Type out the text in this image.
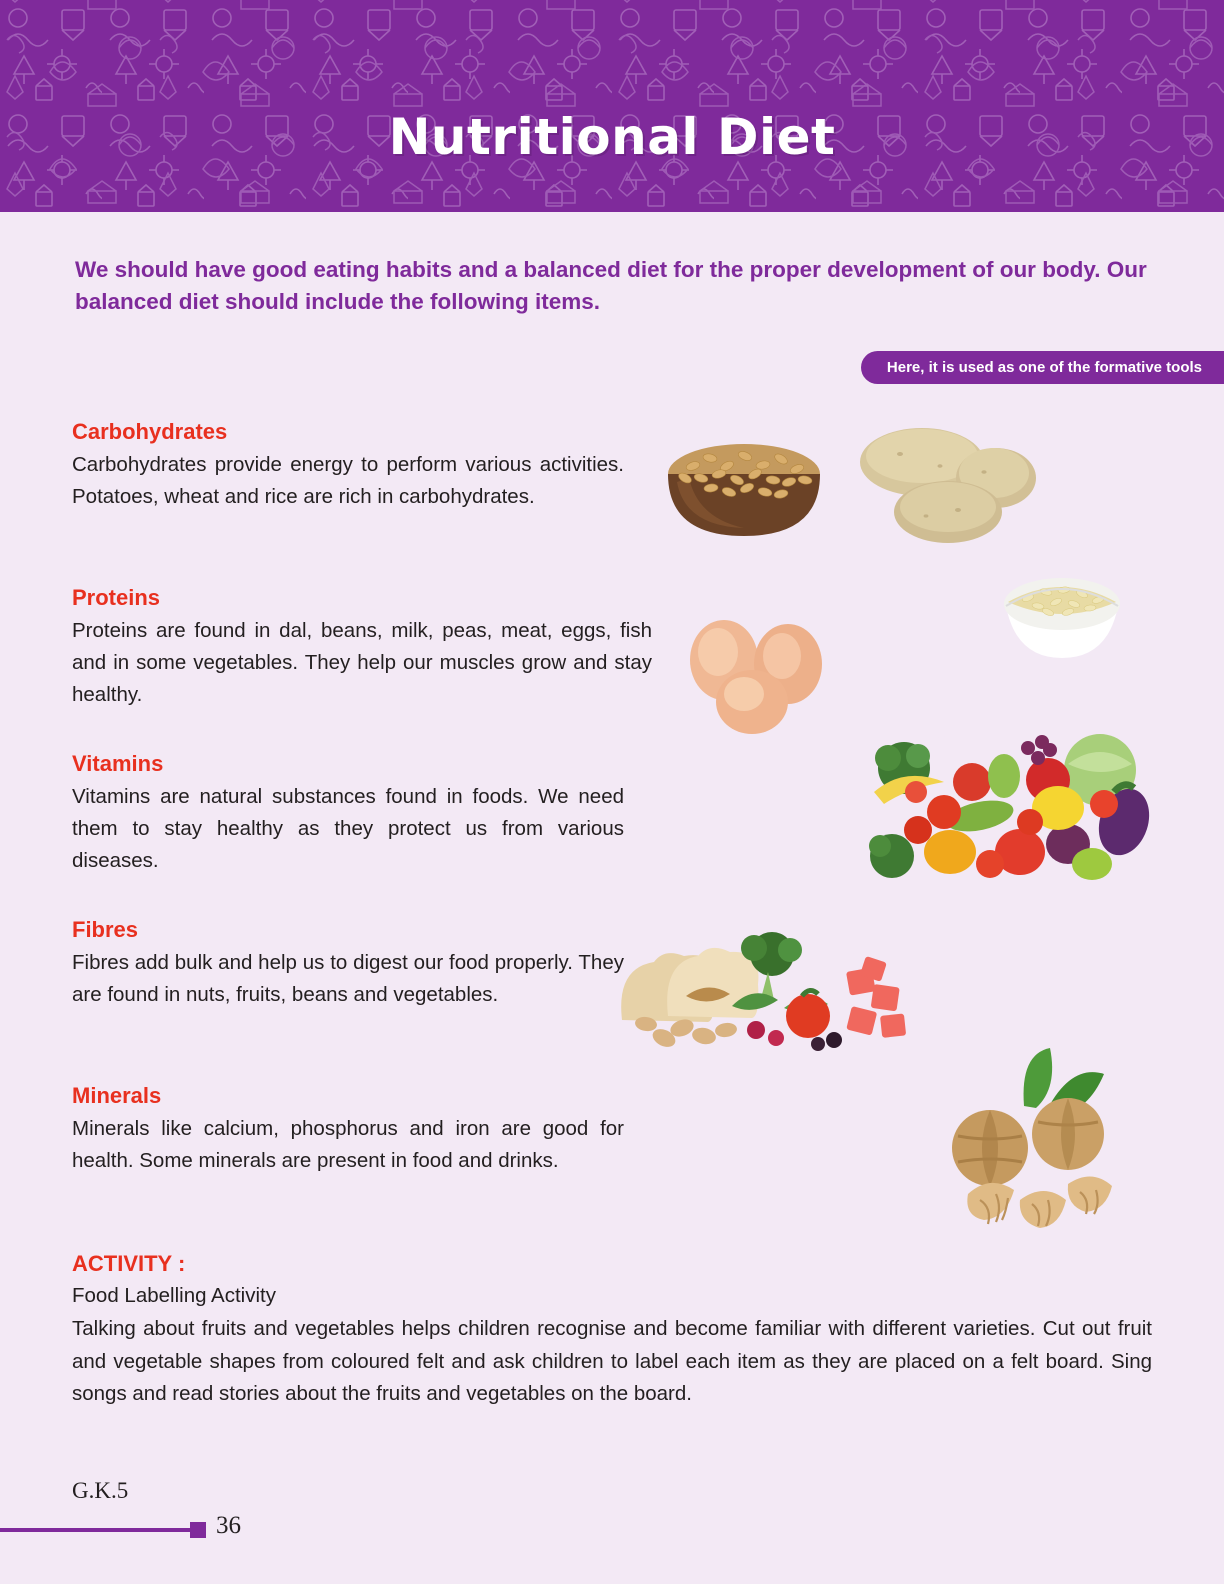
Nutritional Diet
We should have good eating habits and a balanced diet for the proper development of our body. Our balanced diet should include the following items.
Here, it is used as one of the formative tools

Carbohydrates

Carbohydrates provide energy to perform various activities. Potatoes, wheat and rice are rich in carbohydrates.

Proteins

Proteins are found in dal, beans, milk, peas, meat, eggs, fish and in some vegetables. They help our muscles grow and stay healthy.

Vitamins

Vitamins are natural substances found in foods. We need them to stay healthy as they protect us from various diseases.

Fibres

Fibres add bulk and help us to digest our food properly. They are found in nuts, fruits, beans and vegetables.

Minerals

Minerals like calcium, phosphorus and iron are good for health. Some minerals are present in food and drinks.

ACTIVITY :

Food Labelling Activity

Talking about fruits and vegetables helps children recognise and become familiar with different varieties. Cut out fruit and vegetable shapes from coloured felt and ask children to label each item as they are placed on a felt board. Sing songs and read stories about the fruits and vegetables on the board.

G.K.5
36
